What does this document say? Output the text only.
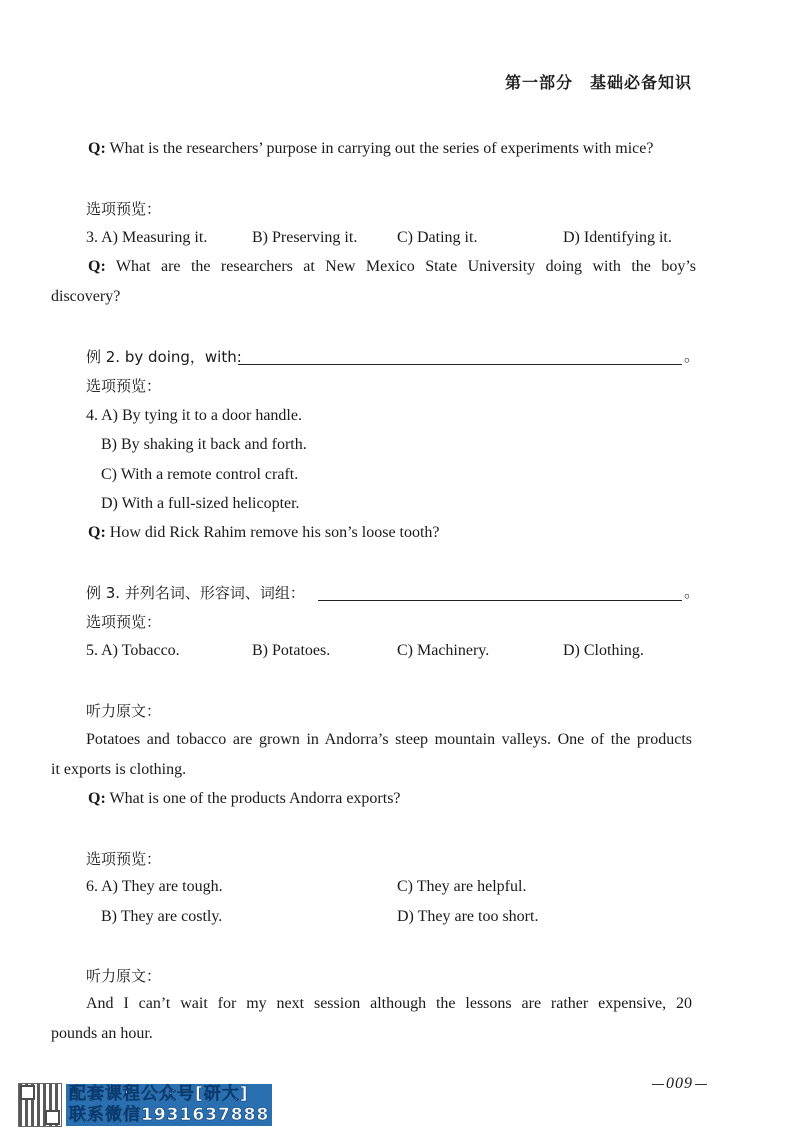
第一部分　基础必备知识
Q: What is the researchers’ purpose in carrying out the series of experiments with mice?
选项预览：
3. A) Measuring it.	B) Preserving it. C) Dating it.	D) Identifying it.
Q: What are the researchers at New Mexico State University doing with the boy’s
discovery?
例 2. by doing，with:	。
选项预览：
4. A) By tying it to a door handle.
B) By shaking it back and forth.
C) With a remote control craft.
D) With a full-sized helicopter.
Q: How did Rick Rahim remove his son’s loose tooth?
例 3. 并列名词、形容词、词组：	。
选项预览：
5. A) Tobacco.	B) Potatoes.	C) Machinery.	D) Clothing.
听力原文：
Potatoes and tobacco are grown in Andorra’s steep mountain valleys. One of the products
it exports is clothing.
Q: What is one of the products Andorra exports?
选项预览：
6. A) They are tough.	C) They are helpful.
B) They are costly.	D) They are too short.
听力原文：
And I can’t wait for my next session although the lessons are rather expensive, 20
pounds an hour.
配套课程公众号[研大]
联系微信1931637888
009
